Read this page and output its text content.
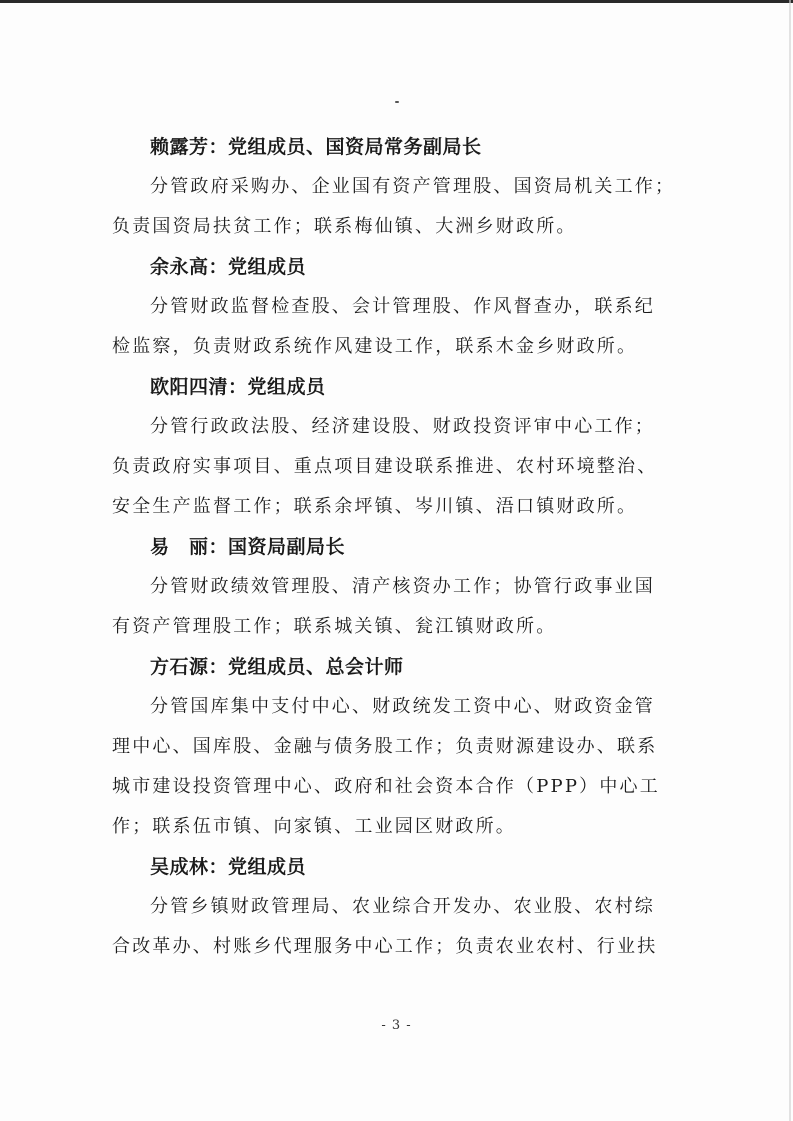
赖露芳：党组成员、国资局常务副局长
分管政府采购办、企业国有资产管理股、国资局机关工作；
负责国资局扶贫工作；联系梅仙镇、大洲乡财政所。
余永高：党组成员
分管财政监督检查股、会计管理股、作风督查办，联系纪
检监察，负责财政系统作风建设工作，联系木金乡财政所。
欧阳四清：党组成员
分管行政政法股、经济建设股、财政投资评审中心工作；
负责政府实事项目、重点项目建设联系推进、农村环境整治、
安全生产监督工作；联系余坪镇、岑川镇、浯口镇财政所。
易　丽：国资局副局长
分管财政绩效管理股、清产核资办工作；协管行政事业国
有资产管理股工作；联系城关镇、瓮江镇财政所。
方石源：党组成员、总会计师
分管国库集中支付中心、财政统发工资中心、财政资金管
理中心、国库股、金融与债务股工作；负责财源建设办、联系
城市建设投资管理中心、政府和社会资本合作（PPP）中心工
作；联系伍市镇、向家镇、工业园区财政所。
吴成林：党组成员
分管乡镇财政管理局、农业综合开发办、农业股、农村综
合改革办、村账乡代理服务中心工作；负责农业农村、行业扶
- 3 -
